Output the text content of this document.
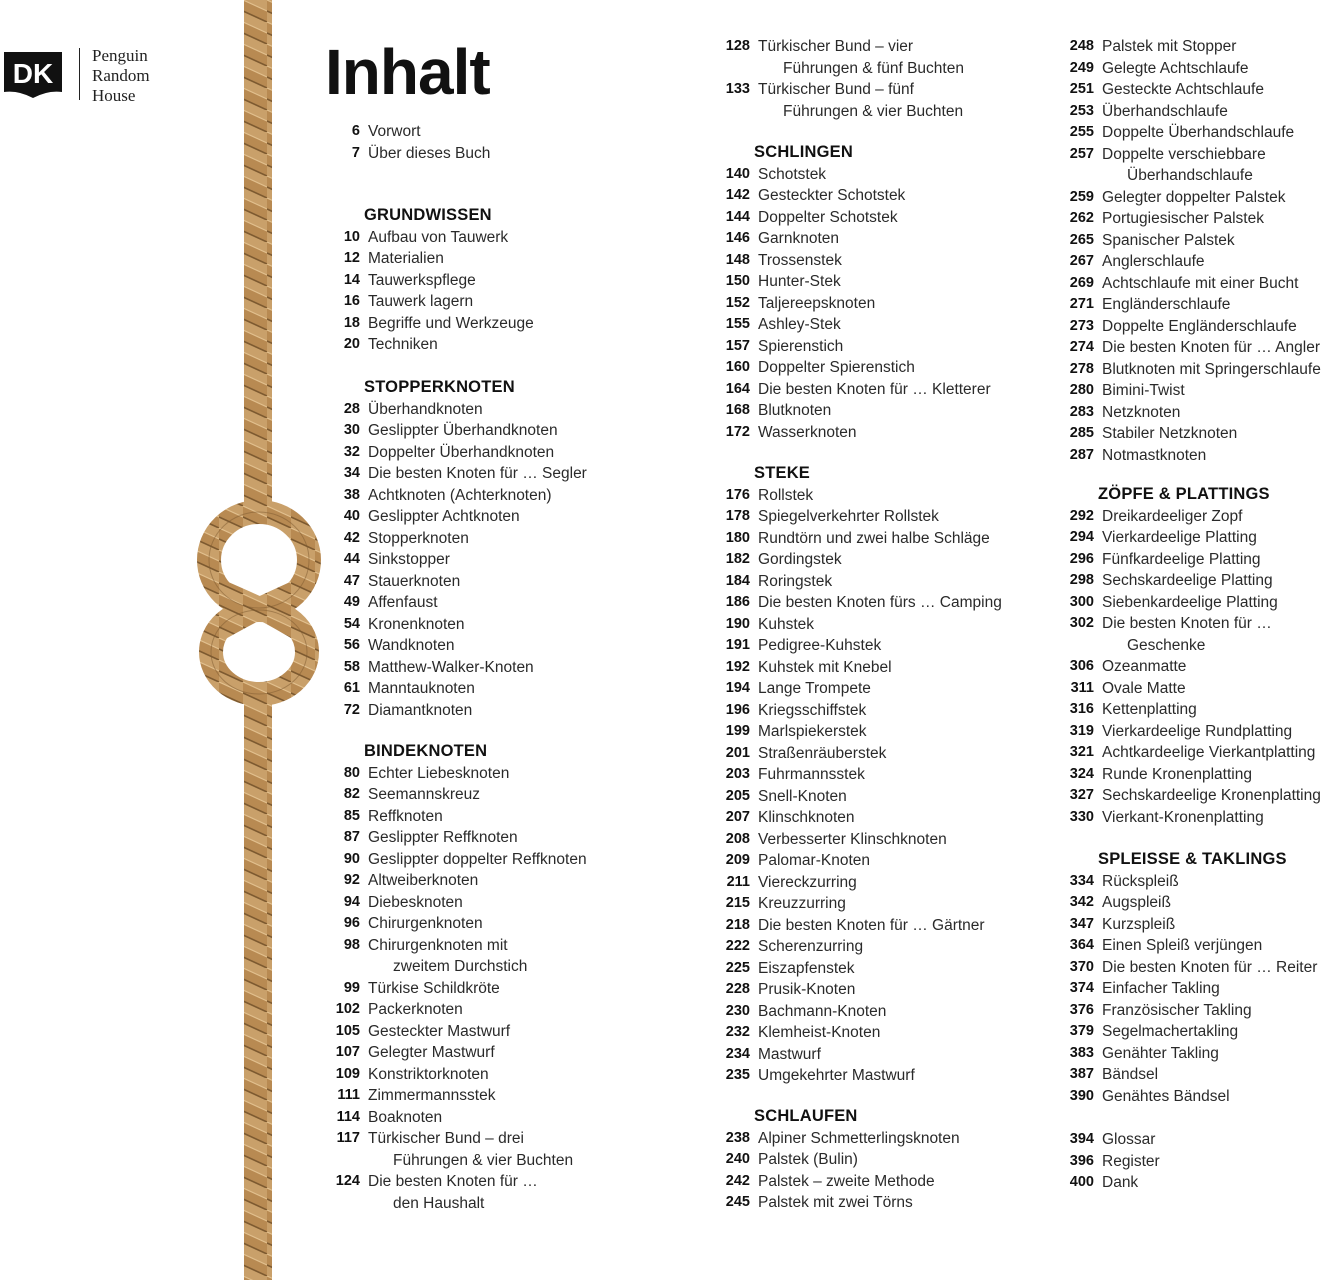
DK
Penguin
Random
House	Inhalt
6 Vorwort
7 Über dieses Buch
GRUNDWISSEN
10 Aufbau von Tauwerk
12 Materialien
14 Tauwerkspflege
16 Tauwerk lagern
18 Begriffe und Werkzeuge
20 Techniken
STOPPERKNOTEN
28 Überhandknoten
30 Geslippter Überhandknoten
32 Doppelter Überhandknoten
34 Die besten Knoten für … Segler
38 Achtknoten (Achterknoten)
40 Geslippter Achtknoten
42 Stopperknoten
44 Sinkstopper
47 Stauerknoten
49 Affenfaust
54 Kronenknoten
56 Wandknoten
58 Matthew-Walker-Knoten
61 Manntauknoten
72 Diamantknoten
BINDEKNOTEN
80 Echter Liebesknoten
82 Seemannskreuz
85 Reffknoten
87 Geslippter Reffknoten
90 Geslippter doppelter Reffknoten
92 Altweiberknoten
94 Diebesknoten
96 Chirurgenknoten
98 Chirurgenknoten mit
zweitem Durchstich
99 Türkise Schildkröte
102 Packerknoten
105 Gesteckter Mastwurf
107 Gelegter Mastwurf
109 Konstriktorknoten
111 Zimmermannsstek
114 Boaknoten
117 Türkischer Bund – drei
Führungen & vier Buchten
124 Die besten Knoten für …
den Haushalt
128 Türkischer Bund – vier
Führungen & fünf Buchten
133 Türkischer Bund – fünf
Führungen & vier Buchten
SCHLINGEN
140 Schotstek
142 Gesteckter Schotstek
144 Doppelter Schotstek
146 Garnknoten
148 Trossenstek
150 Hunter-Stek
152 Taljereepsknoten
155 Ashley-Stek
157 Spierenstich
160 Doppelter Spierenstich
164 Die besten Knoten für … Kletterer
168 Blutknoten
172 Wasserknoten
STEKE
176 Rollstek
178 Spiegelverkehrter Rollstek
180 Rundtörn und zwei halbe Schläge
182 Gordingstek
184 Roringstek
186 Die besten Knoten fürs … Camping
190 Kuhstek
191 Pedigree-Kuhstek
192 Kuhstek mit Knebel
194 Lange Trompete
196 Kriegsschiffstek
199 Marlspiekerstek
201 Straßenräuberstek
203 Fuhrmannsstek
205 Snell-Knoten
207 Klinschknoten
208 Verbesserter Klinschknoten
209 Palomar-Knoten
211 Viereckzurring
215 Kreuzzurring
218 Die besten Knoten für … Gärtner
222 Scherenzurring
225 Eiszapfenstek
228 Prusik-Knoten
230 Bachmann-Knoten
232 Klemheist-Knoten
234 Mastwurf
235 Umgekehrter Mastwurf
SCHLAUFEN
238 Alpiner Schmetterlingsknoten
240 Palstek (Bulin)
242 Palstek – zweite Methode
245 Palstek mit zwei Törns
248 Palstek mit Stopper
249 Gelegte Achtschlaufe
251 Gesteckte Achtschlaufe
253 Überhandschlaufe
255 Doppelte Überhandschlaufe
257 Doppelte verschiebbare
Überhandschlaufe
259 Gelegter doppelter Palstek
262 Portugiesischer Palstek
265 Spanischer Palstek
267 Anglerschlaufe
269 Achtschlaufe mit einer Bucht
271 Engländerschlaufe
273 Doppelte Engländerschlaufe
274 Die besten Knoten für … Angler
278 Blutknoten mit Springerschlaufe
280 Bimini-Twist
283 Netzknoten
285 Stabiler Netzknoten
287 Notmastknoten
ZÖPFE & PLATTINGS
292 Dreikardeeliger Zopf
294 Vierkardeelige Platting
296 Fünfkardeelige Platting
298 Sechskardeelige Platting
300 Siebenkardeelige Platting
302 Die besten Knoten für …
Geschenke
306 Ozeanmatte
311 Ovale Matte
316 Kettenplatting
319 Vierkardeelige Rundplatting
321 Achtkardeelige Vierkantplatting
324 Runde Kronenplatting
327 Sechskardeelige Kronenplatting
330 Vierkant-Kronenplatting
SPLEISSE & TAKLINGS
334 Rückspleiß
342 Augspleiß
347 Kurzspleiß
364 Einen Spleiß verjüngen
370 Die besten Knoten für … Reiter
374 Einfacher Takling
376 Französischer Takling
379 Segelmachertakling
383 Genähter Takling
387 Bändsel
390 Genähtes Bändsel
394 Glossar
396 Register
400 Dank
